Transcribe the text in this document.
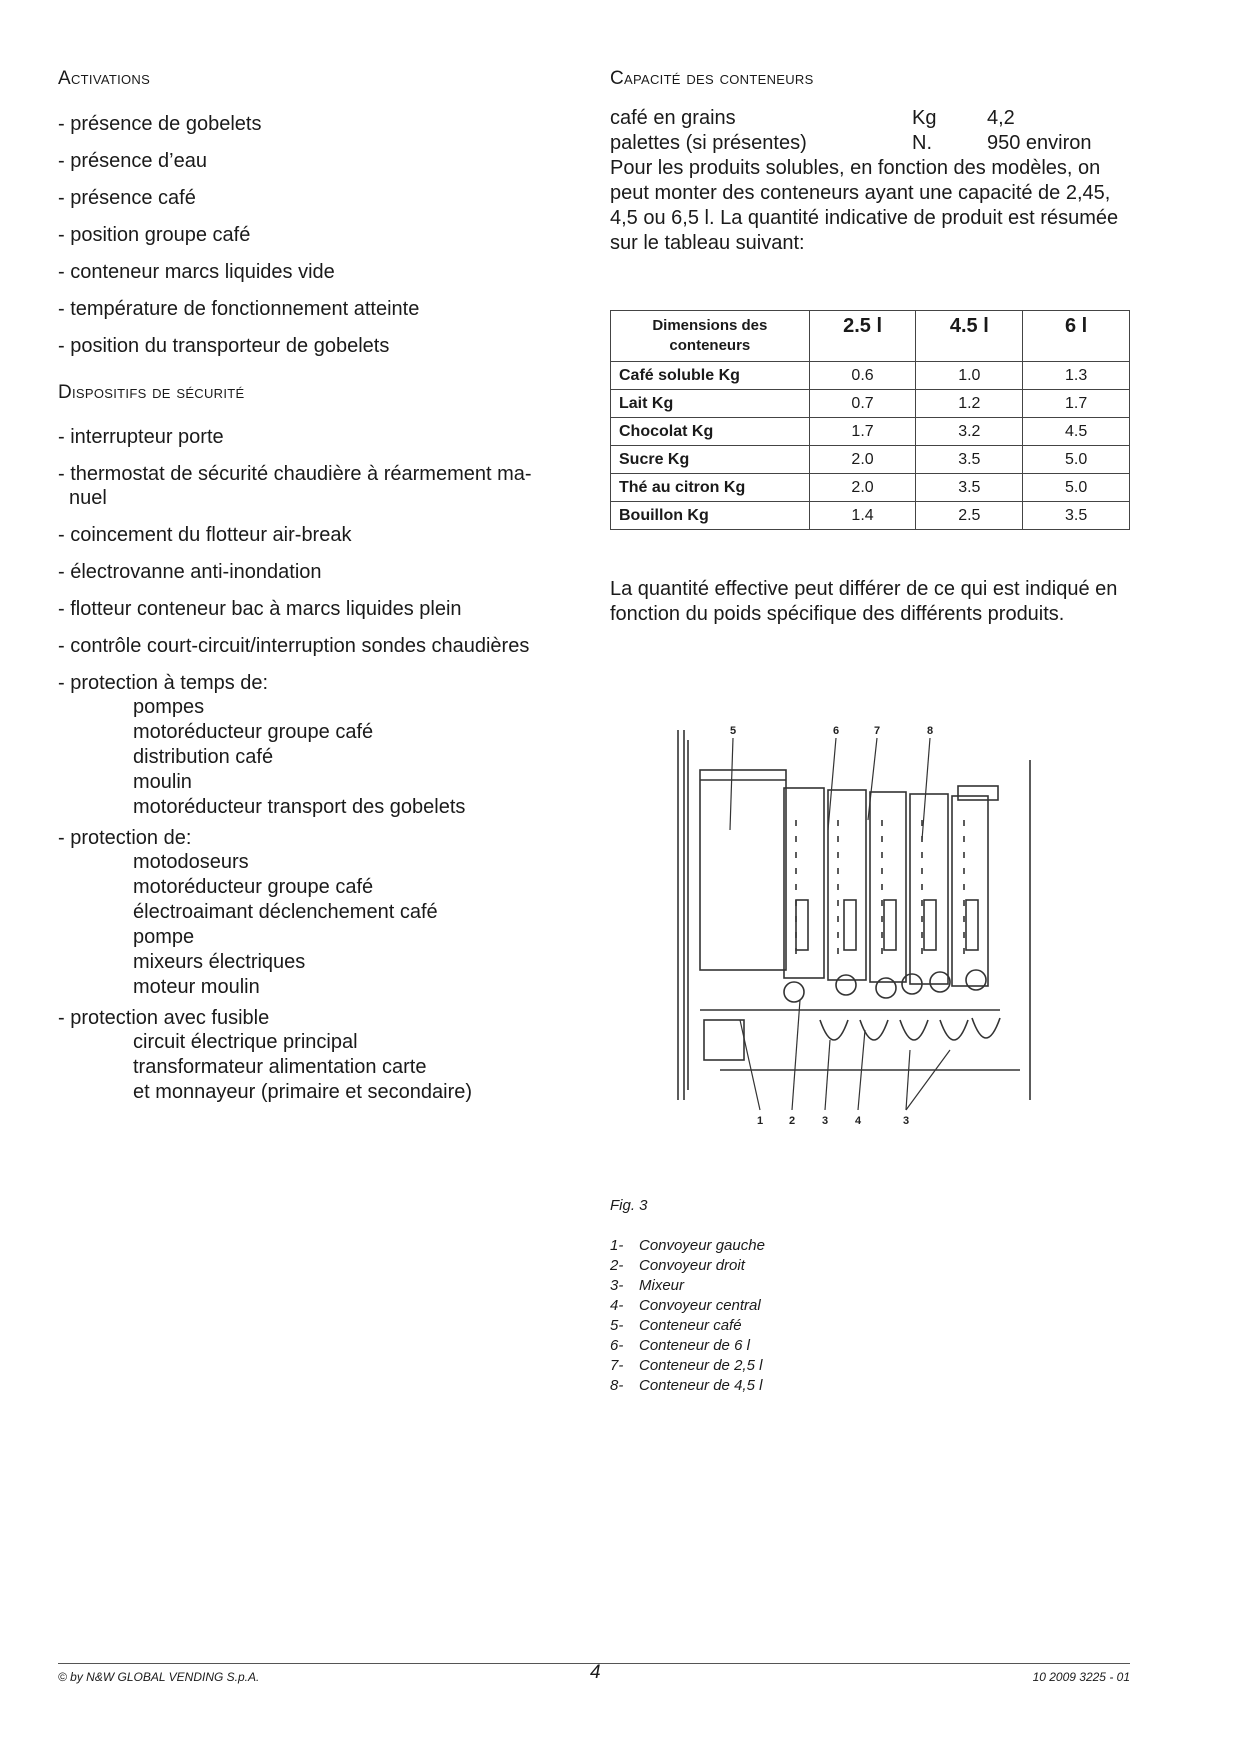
Activations
- présence de gobelets
- présence d’eau
- présence café
- position groupe café
- conteneur marcs liquides vide
- température de fonctionnement atteinte
- position du transporteur de gobelets
Dispositifs de sécurité
- interrupteur porte
- thermostat de sécurité chaudière à réarmement ma-nuel
- coincement du flotteur air-break
- électrovanne anti-inondation
- flotteur conteneur bac à marcs liquides plein
- contrôle court-circuit/interruption sondes chaudières
- protection à temps de:
pompes
motoréducteur groupe café
distribution café
moulin
motoréducteur transport des gobelets
- protection de:
motodoseurs
motoréducteur groupe café
électroaimant déclenchement café
pompe
mixeurs électriques
moteur moulin
- protection avec fusible
circuit électrique principal
transformateur alimentation carte
et monnayeur (primaire et secondaire)
Capacité des conteneurs
café en grains	Kg	4,2
palettes (si présentes)	N.	950 environ

Pour les produits solubles, en fonction des modèles, on peut monter des conteneurs ayant une capacité de 2,45, 4,5 ou 6,5 l. La quantité indicative de produit est résumée sur le tableau suivant:

Dimensions des conteneurs	2.5 l	4.5 l	6 l
Café soluble Kg	0.6	1.0	1.3
Lait Kg	0.7	1.2	1.7
Chocolat Kg	1.7	3.2	4.5
Sucre Kg	2.0	3.5	5.0
Thé au citron Kg	2.0	3.5	5.0
Bouillon Kg	1.4	2.5	3.5

La quantité effective peut différer de ce qui est indiqué en fonction du poids spécifique des différents produits.

5	6	7	8
1 2 3 4	3
Fig. 3
1- Convoyeur gauche
2- Convoyeur droit
3- Mixeur
4- Convoyeur central
5- Conteneur café
6- Conteneur de 6 l
7- Conteneur de 2,5 l
8- Conteneur de 4,5 l
© by N&W GLOBAL VENDING S.p.A.	4	10 2009 3225 - 01
